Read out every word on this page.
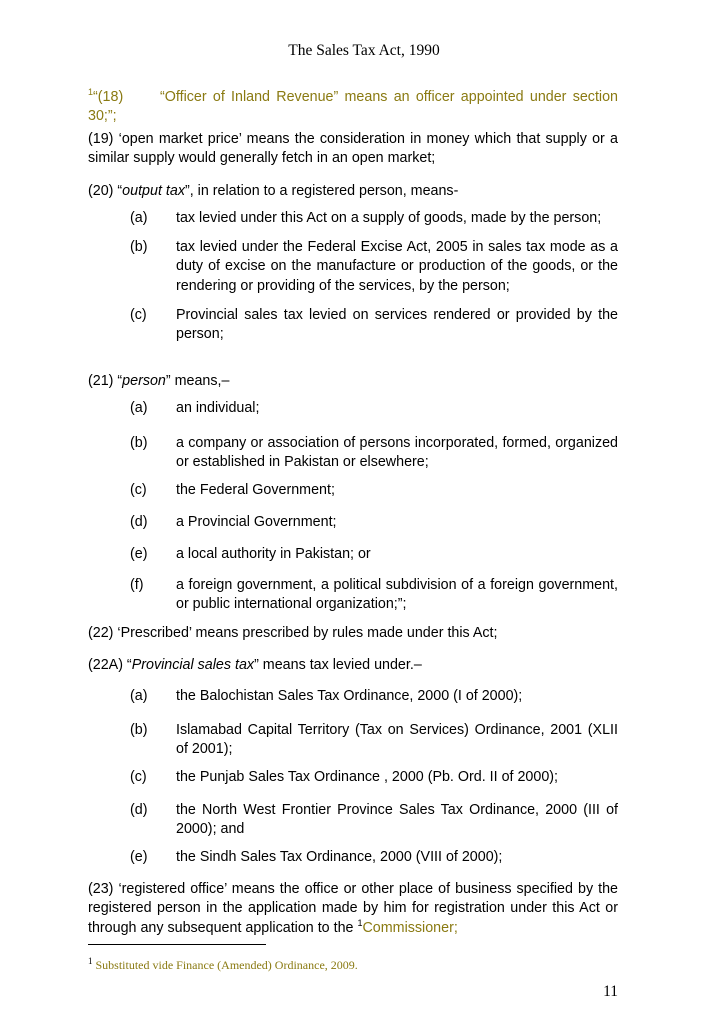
The Sales Tax Act, 1990
$^1$“(18)	“Officer of Inland Revenue” means an officer appointed under section
30;”;
(19) ‘open market price’ means the consideration in money which that supply or a similar supply would generally fetch in an open market;
(20) “output tax”, in relation to a registered person, means-
(a) tax levied under this Act on a supply of goods, made by the person;
(b) tax levied under the Federal Excise Act, 2005 in sales tax mode as a duty of excise on the manufacture or production of the goods, or the rendering or providing of the services, by the person;
(c) Provincial sales tax levied on services rendered or provided by the person;
(21) “person” means,–
(a) an individual;
(b) a company or association of persons incorporated, formed, organized or established in Pakistan or elsewhere;
(c) the Federal Government;
(d) a Provincial Government;
(e) a local authority in Pakistan; or
(f) a foreign government, a political subdivision of a foreign government, or public international organization;”;
(22) ‘Prescribed’ means prescribed by rules made under this Act;
(22A) “Provincial sales tax” means tax levied under.–
(a) the Balochistan Sales Tax Ordinance, 2000 (I of 2000);
(b) Islamabad Capital Territory (Tax on Services) Ordinance, 2001 (XLII of 2001);
(c) the Punjab Sales Tax Ordinance , 2000 (Pb. Ord. II of 2000);
(d) the North West Frontier Province Sales Tax Ordinance, 2000 (III of 2000); and
(e) the Sindh Sales Tax Ordinance, 2000 (VIII of 2000);
(23) ‘registered office’ means the office or other place of business specified by the registered person in the application made by him for registration under this Act or through any subsequent application to the $^1$Commissioner;
$^1$ Substituted vide Finance (Amended) Ordinance, 2009.
11
